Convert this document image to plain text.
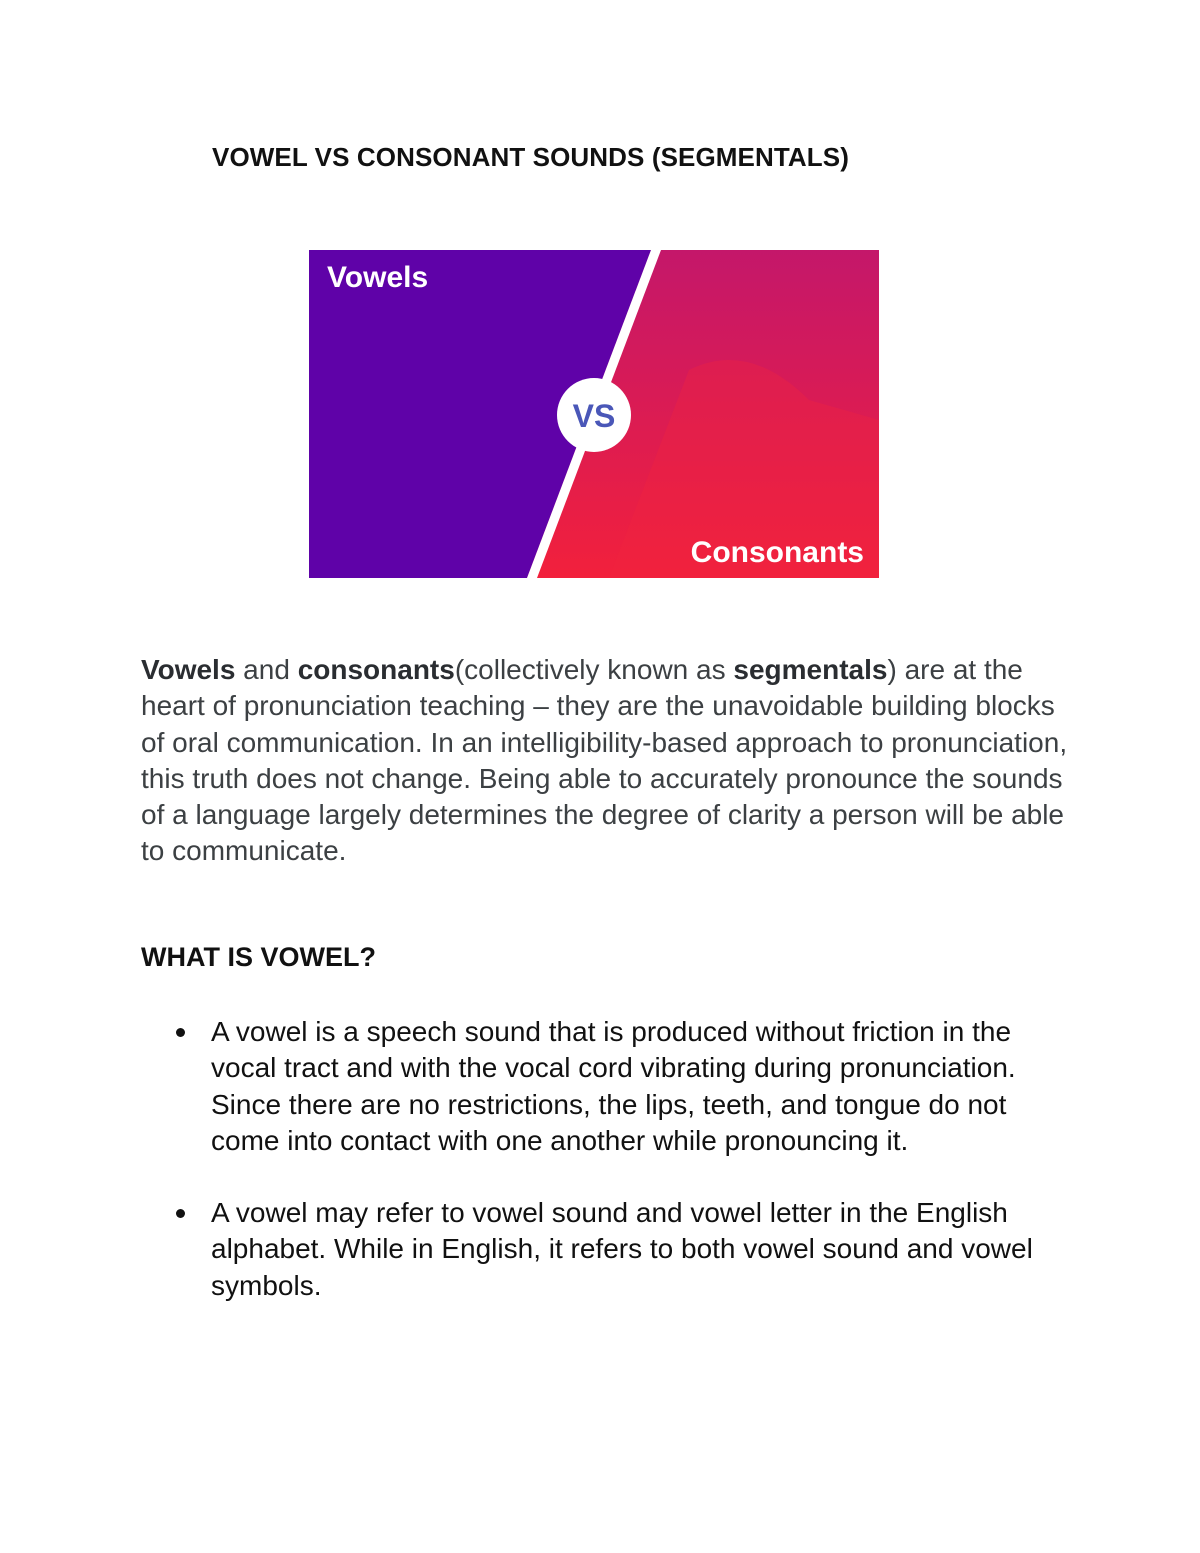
VOWEL VS CONSONANT SOUNDS (SEGMENTALS)
Vowels
VS
Consonants

Vowels and consonants(collectively known as segmentals) are at the heart of pronunciation teaching – they are the unavoidable building blocks of oral communication. In an intelligibility-based approach to pronunciation, this truth does not change. Being able to accurately pronounce the sounds of a language largely determines the degree of clarity a person will be able to communicate.

WHAT IS VOWEL?
A vowel is a speech sound that is produced without friction in the vocal tract and with the vocal cord vibrating during pronunciation. Since there are no restrictions, the lips, teeth, and tongue do not come into contact with one another while pronouncing it.
A vowel may refer to vowel sound and vowel letter in the English alphabet. While in English, it refers to both vowel sound and vowel symbols.
